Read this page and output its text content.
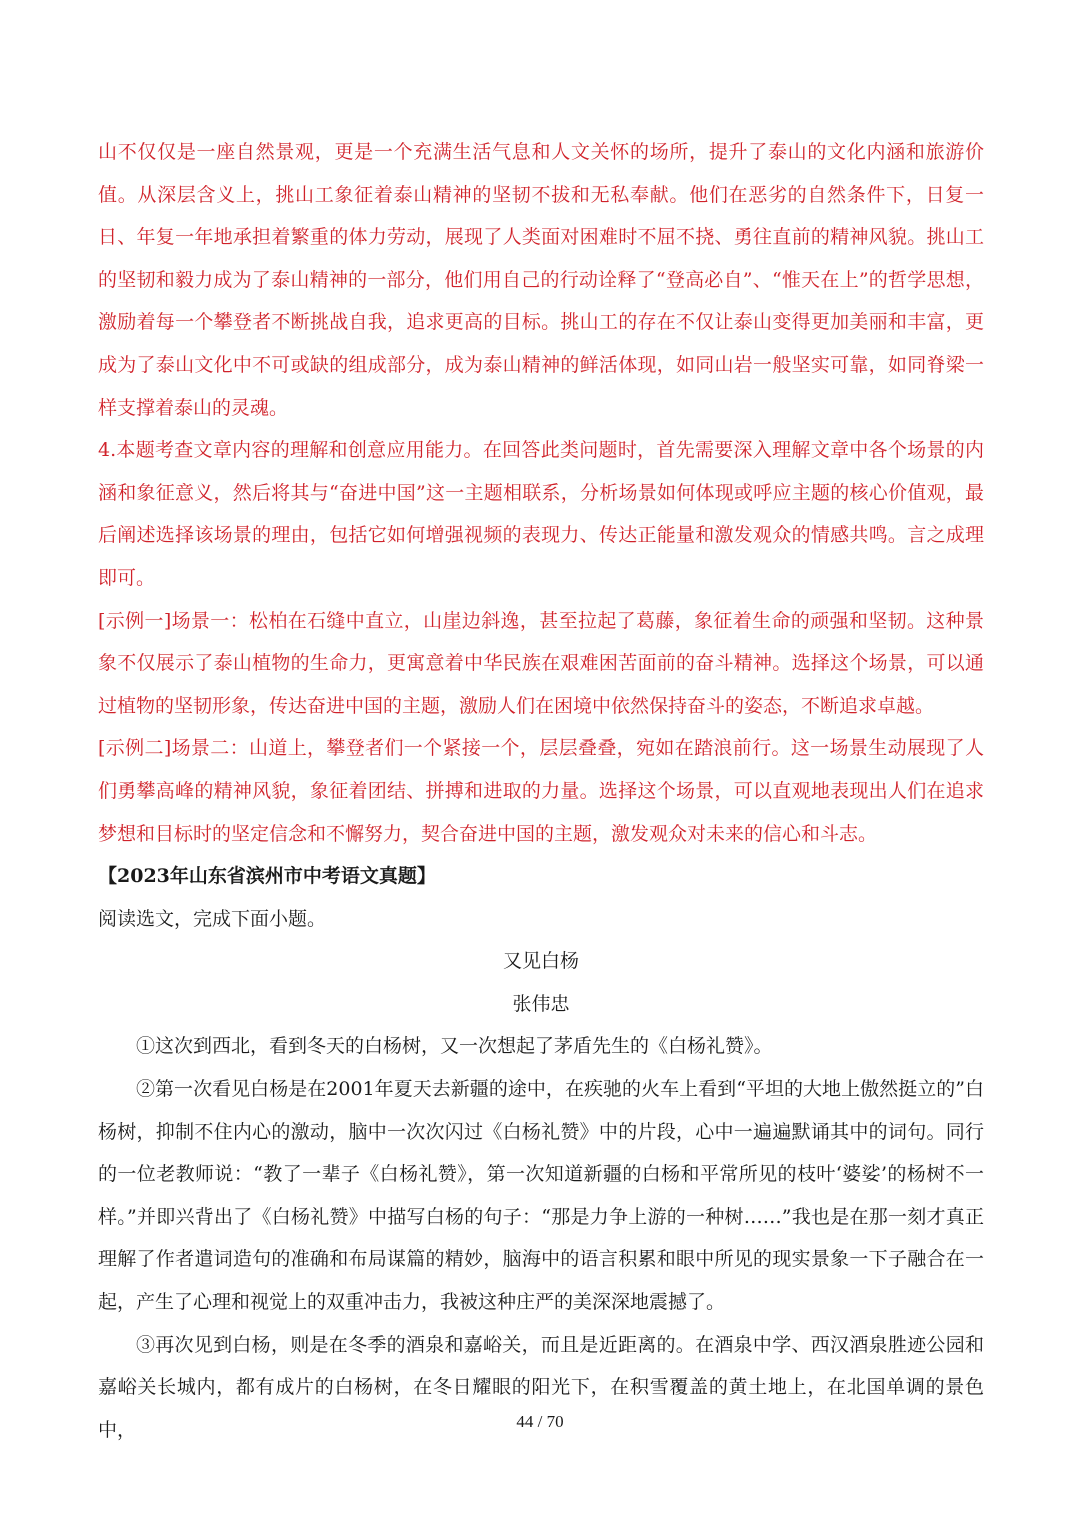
山不仅仅是一座自然景观，更是一个充满生活气息和人文关怀的场所，提升了泰山的文化内涵和旅游价值。从深层含义上，挑山工象征着泰山精神的坚韧不拔和无私奉献。他们在恶劣的自然条件下，日复一日、年复一年地承担着繁重的体力劳动，展现了人类面对困难时不屈不挠、勇往直前的精神风貌。挑山工的坚韧和毅力成为了泰山精神的一部分，他们用自己的行动诠释了“登高必自”、“惟天在上”的哲学思想，激励着每一个攀登者不断挑战自我，追求更高的目标。挑山工的存在不仅让泰山变得更加美丽和丰富，更成为了泰山文化中不可或缺的组成部分，成为泰山精神的鲜活体现，如同山岩一般坚实可靠，如同脊梁一样支撑着泰山的灵魂。

4.本题考查文章内容的理解和创意应用能力。在回答此类问题时，首先需要深入理解文章中各个场景的内涵和象征意义，然后将其与“奋进中国”这一主题相联系，分析场景如何体现或呼应主题的核心价值观，最后阐述选择该场景的理由，包括它如何增强视频的表现力、传达正能量和激发观众的情感共鸣。言之成理即可。

[示例一]场景一：松柏在石缝中直立，山崖边斜逸，甚至拉起了葛藤，象征着生命的顽强和坚韧。这种景象不仅展示了泰山植物的生命力，更寓意着中华民族在艰难困苦面前的奋斗精神。选择这个场景，可以通过植物的坚韧形象，传达奋进中国的主题，激励人们在困境中依然保持奋斗的姿态，不断追求卓越。

[示例二]场景二：山道上，攀登者们一个紧接一个，层层叠叠，宛如在踏浪前行。这一场景生动展现了人们勇攀高峰的精神风貌，象征着团结、拼搏和进取的力量。选择这个场景，可以直观地表现出人们在追求梦想和目标时的坚定信念和不懈努力，契合奋进中国的主题，激发观众对未来的信心和斗志。

【2023年山东省滨州市中考语文真题】

阅读选文，完成下面小题。

又见白杨

张伟忠

①这次到西北，看到冬天的白杨树，又一次想起了茅盾先生的《白杨礼赞》。

②第一次看见白杨是在2001年夏天去新疆的途中，在疾驰的火车上看到“平坦的大地上傲然挺立的”白杨树，抑制不住内心的激动，脑中一次次闪过《白杨礼赞》中的片段，心中一遍遍默诵其中的词句。同行的一位老教师说：“教了一辈子《白杨礼赞》，第一次知道新疆的白杨和平常所见的枝叶‘婆娑’的杨树不一样。”并即兴背出了《白杨礼赞》中描写白杨的句子：“那是力争上游的一种树……”我也是在那一刻才真正理解了作者遣词造句的准确和布局谋篇的精妙，脑海中的语言积累和眼中所见的现实景象一下子融合在一起，产生了心理和视觉上的双重冲击力，我被这种庄严的美深深地震撼了。

③再次见到白杨，则是在冬季的酒泉和嘉峪关，而且是近距离的。在酒泉中学、西汉酒泉胜迹公园和嘉峪关长城内，都有成片的白杨树，在冬日耀眼的阳光下，在积雪覆盖的黄土地上，在北国单调的景色中，	44 / 70
